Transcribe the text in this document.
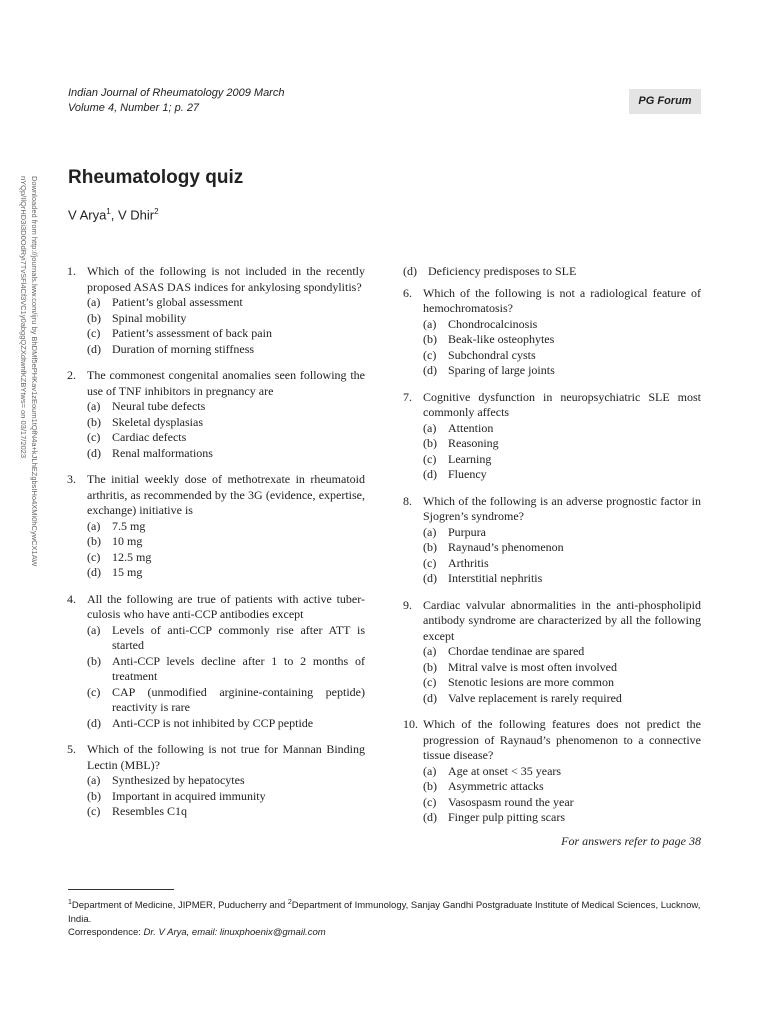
Indian Journal of Rheumatology 2009 March
Volume 4, Number 1; p. 27
PG Forum
Downloaded from http://journals.lww.com/ijru by BhDMf5ePHKav1zEoum1tQfN4a+kJLhEZgbsIHo4XMi0hCywCX1AW
nYQp/IlQrHD3i3D0OdRyi7TvSFl4Cf3VC1y0abggQZXdtwnfKZBYtws= on 03/17/2023 Rheumatology quiz
V Arya$^1$, V Dhir$^2$
1. Which of the following is not included in the recently proposed ASAS DAS indices for ankylosing spondylitis?
(a) Patient’s global assessment
(b) Spinal mobility
(c) Patient’s assessment of back pain
(d) Duration of morning stiffness
2. The commonest congenital anomalies seen following the use of TNF inhibitors in pregnancy are
(a) Neural tube defects
(b) Skeletal dysplasias
(c) Cardiac defects
(d) Renal malformations
3. The initial weekly dose of methotrexate in rheumatoid arthritis, as recommended by the 3G (evidence, expertise, exchange) initiative is
(a) 7.5 mg
(b) 10 mg
(c) 12.5 mg
(d) 15 mg
4. All the following are true of patients with active tuber-culosis who have anti-CCP antibodies except
(a) Levels of anti-CCP commonly rise after ATT is started
(b) Anti-CCP levels decline after 1 to 2 months of treatment
(c) CAP (unmodified arginine-containing peptide) reactivity is rare
(d) Anti-CCP is not inhibited by CCP peptide
5. Which of the following is not true for Mannan Binding Lectin (MBL)?
(a) Synthesized by hepatocytes
(b) Important in acquired immunity
(c) Resembles C1q
(d) Deficiency predisposes to SLE
6. Which of the following is not a radiological feature of hemochromatosis?
(a) Chondrocalcinosis
(b) Beak-like osteophytes
(c) Subchondral cysts
(d) Sparing of large joints
7. Cognitive dysfunction in neuropsychiatric SLE most commonly affects
(a) Attention
(b) Reasoning
(c) Learning
(d) Fluency
8. Which of the following is an adverse prognostic factor in Sjogren’s syndrome?
(a) Purpura
(b) Raynaud’s phenomenon
(c) Arthritis
(d) Interstitial nephritis
9. Cardiac valvular abnormalities in the anti-phospholipid antibody syndrome are characterized by all the following except
(a) Chordae tendinae are spared
(b) Mitral valve is most often involved
(c) Stenotic lesions are more common
(d) Valve replacement is rarely required
10. Which of the following features does not predict the progression of Raynaud’s phenomenon to a connective tissue disease?
(a) Age at onset < 35 years
(b) Asymmetric attacks
(c) Vasospasm round the year
(d) Finger pulp pitting scars
For answers refer to page 38
$^1$Department of Medicine, JIPMER, Puducherry and $^2$Department of Immunology, Sanjay Gandhi Postgraduate Institute of Medical Sciences, Lucknow, India.
Correspondence: Dr. V Arya, email: linuxphoenix@gmail.com
